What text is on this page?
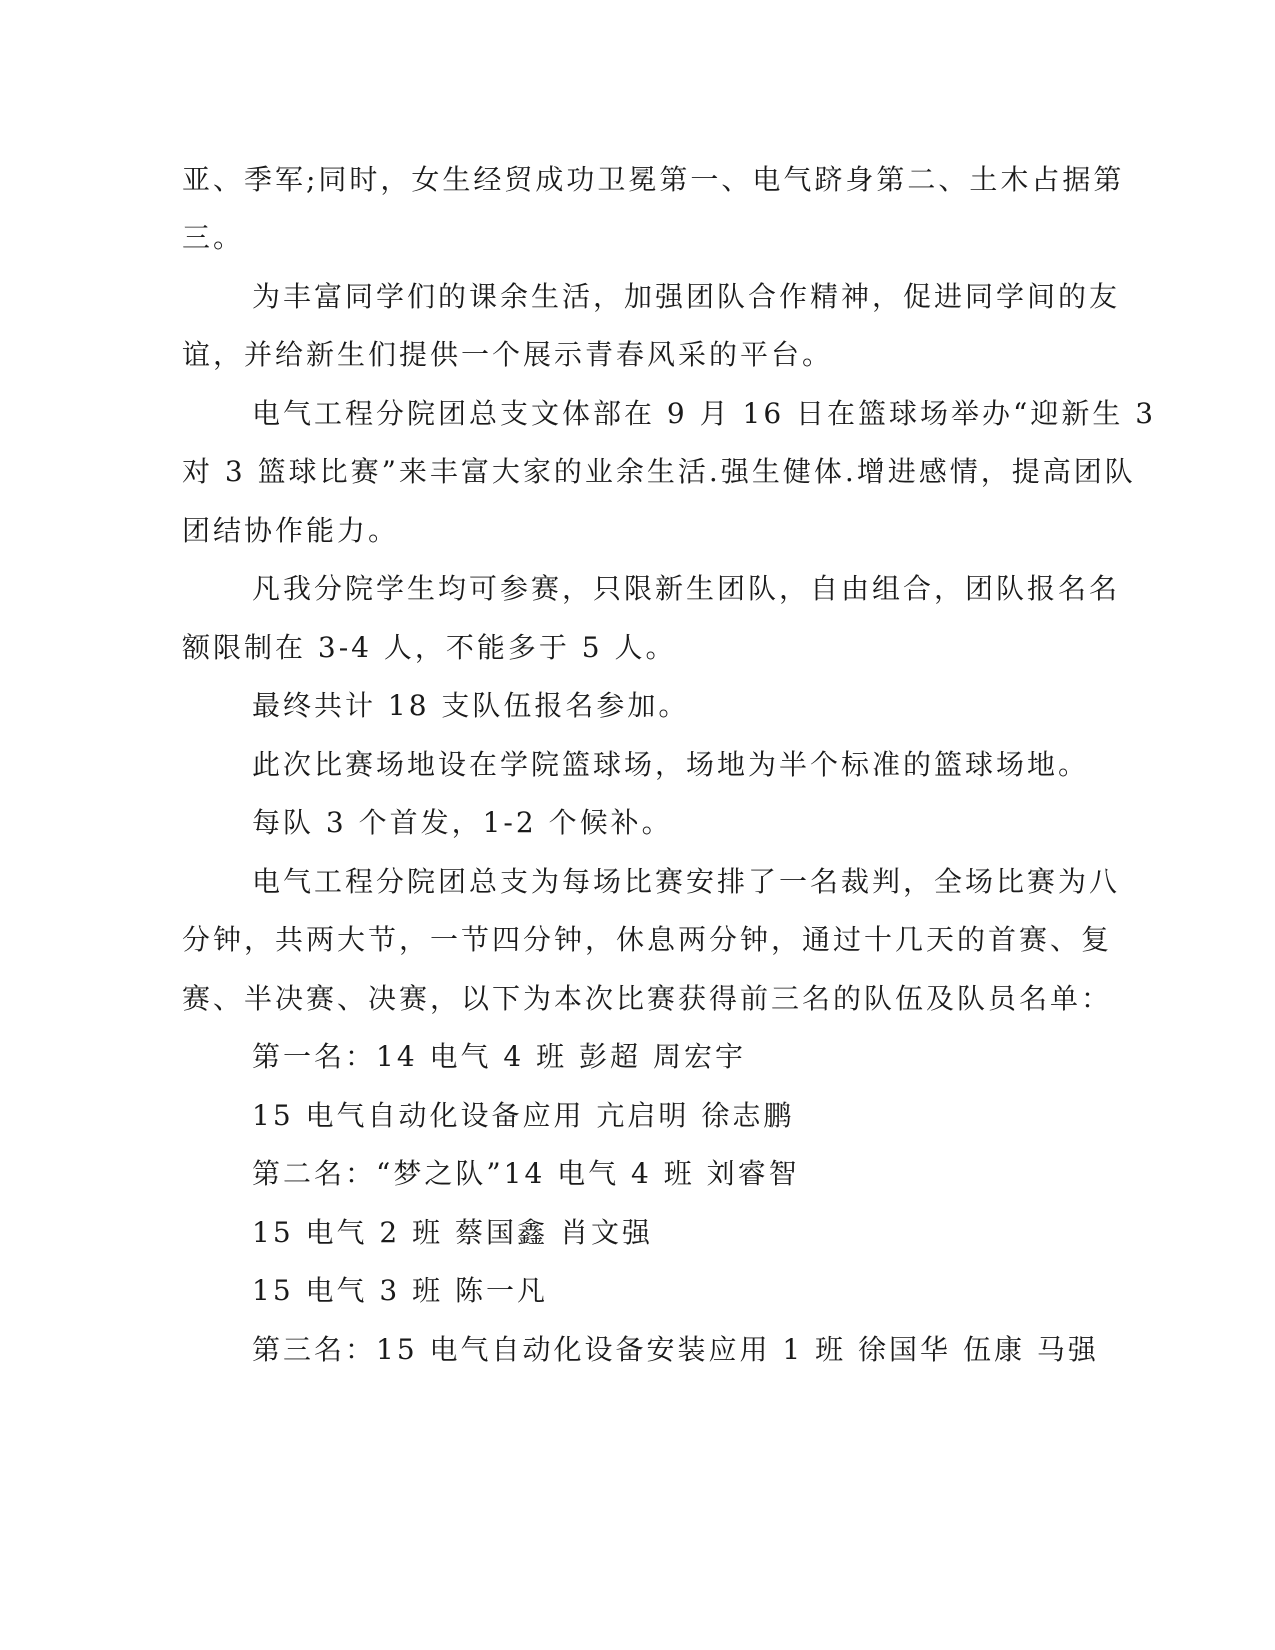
亚、季军;同时，女生经贸成功卫冕第一、电气跻身第二、土木占据第
三。
为丰富同学们的课余生活，加强团队合作精神，促进同学间的友
谊，并给新生们提供一个展示青春风采的平台。
电气工程分院团总支文体部在 9 月 16 日在篮球场举办“迎新生 3
对 3 篮球比赛”来丰富大家的业余生活.强生健体.增进感情，提高团队
团结协作能力。
凡我分院学生均可参赛，只限新生团队，自由组合，团队报名名
额限制在 3-4 人，不能多于 5 人。
最终共计 18 支队伍报名参加。
此次比赛场地设在学院篮球场，场地为半个标准的篮球场地。
每队 3 个首发，1-2 个候补。
电气工程分院团总支为每场比赛安排了一名裁判，全场比赛为八
分钟，共两大节，一节四分钟，休息两分钟，通过十几天的首赛、复
赛、半决赛、决赛，以下为本次比赛获得前三名的队伍及队员名单：
第一名：14 电气 4 班 彭超 周宏宇
15 电气自动化设备应用 亢启明 徐志鹏
第二名：“梦之队”14 电气 4 班 刘睿智
15 电气 2 班 蔡国鑫 肖文强
15 电气 3 班 陈一凡
第三名：15 电气自动化设备安装应用 1 班 徐国华 伍康 马强
